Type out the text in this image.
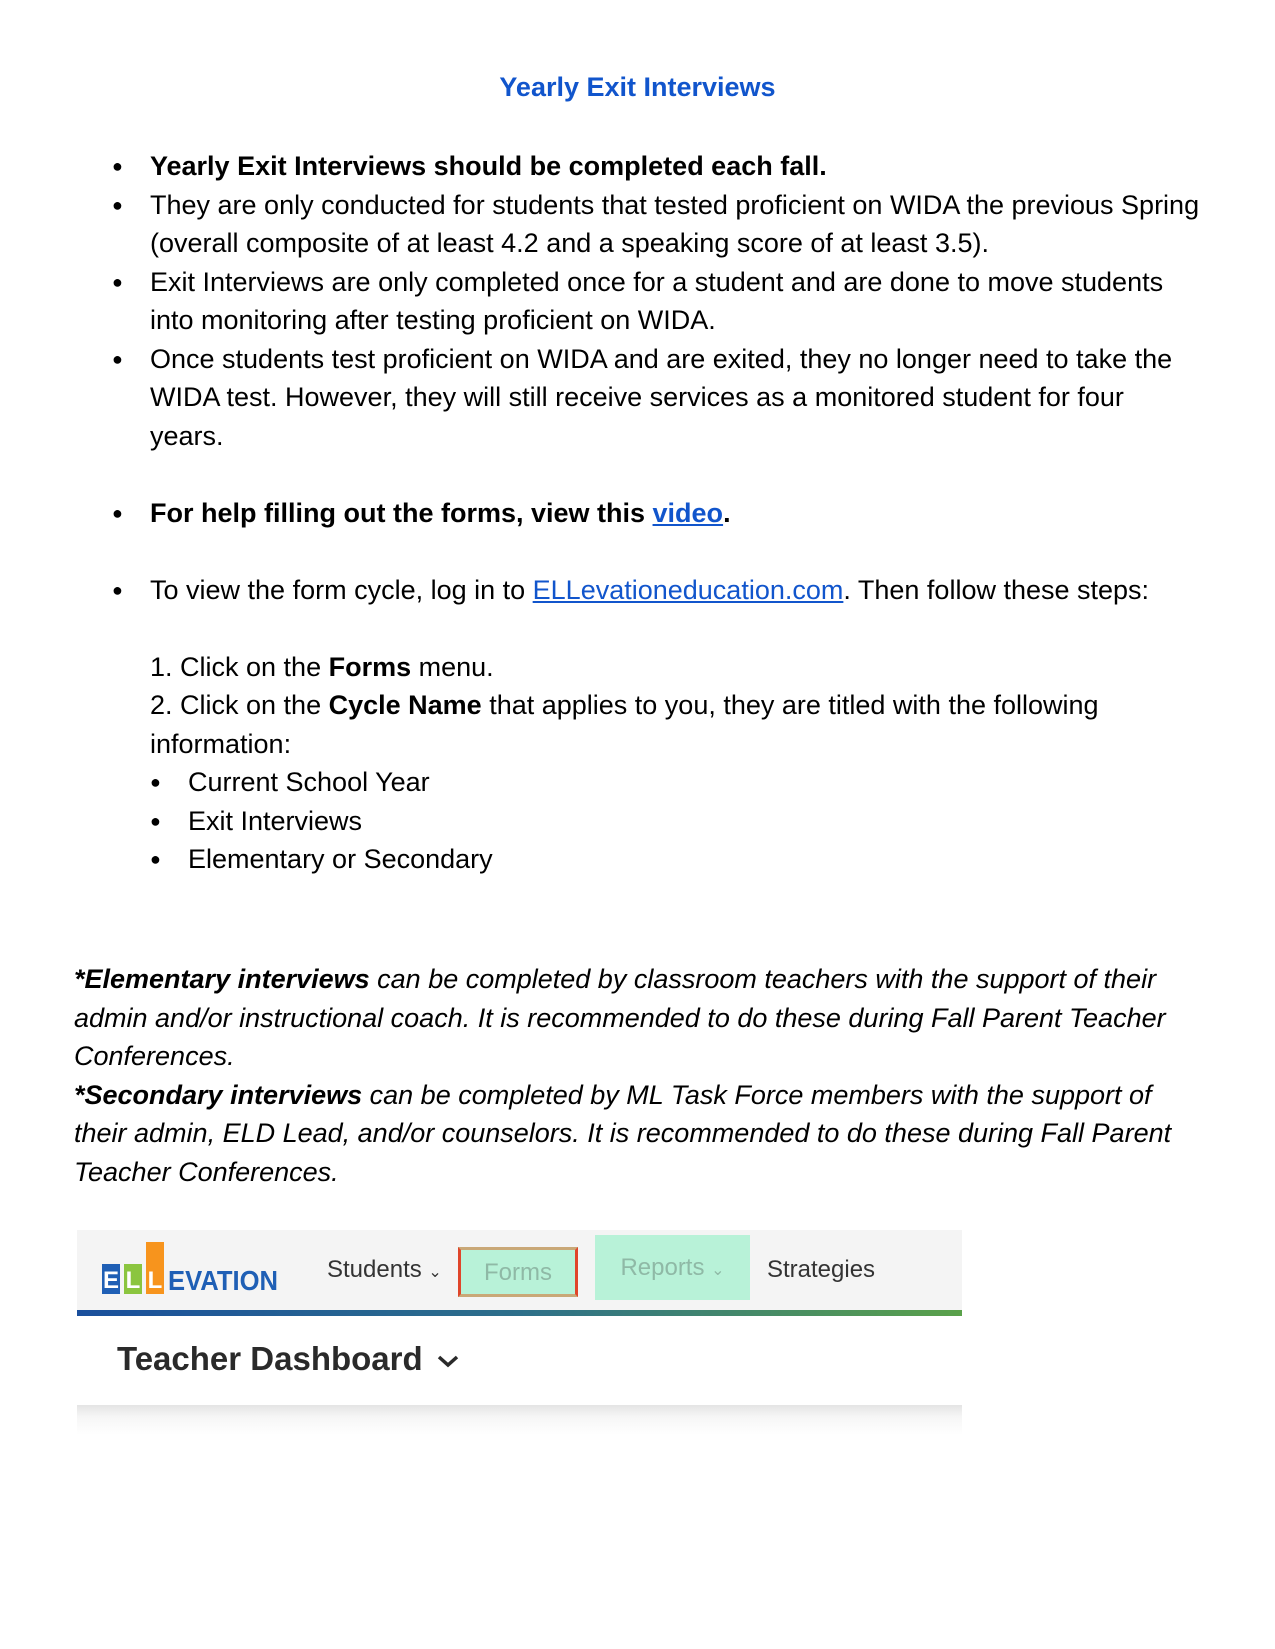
Yearly Exit Interviews
● Yearly Exit Interviews should be completed each fall.
● They are only conducted for students that tested proficient on WIDA the previous Spring (overall composite of at least 4.2 and a speaking score of at least 3.5).
● Exit Interviews are only completed once for a student and are done to move students into monitoring after testing proficient on WIDA.
● Once students test proficient on WIDA and are exited, they no longer need to take the WIDA test. However, they will still receive services as a monitored student for four years.
● For help filling out the forms, view this video.
● To view the form cycle, log in to ELLevationeducation.com. Then follow these steps:

1. Click on the Forms menu.

2. Click on the Cycle Name that applies to you, they are titled with the following information:

● Current School Year
● Exit Interviews
● Elementary or Secondary
*Elementary interviews can be completed by classroom teachers with the support of their admin and/or instructional coach. It is recommended to do these during Fall Parent Teacher Conferences.
*Secondary interviews can be completed by ML Task Force members with the support of their admin, ELD Lead, and/or counselors. It is recommended to do these during Fall Parent Teacher Conferences.
E L L EVATION Students ⌄	Forms	Reports ⌄	Strategies
Teacher Dashboard
